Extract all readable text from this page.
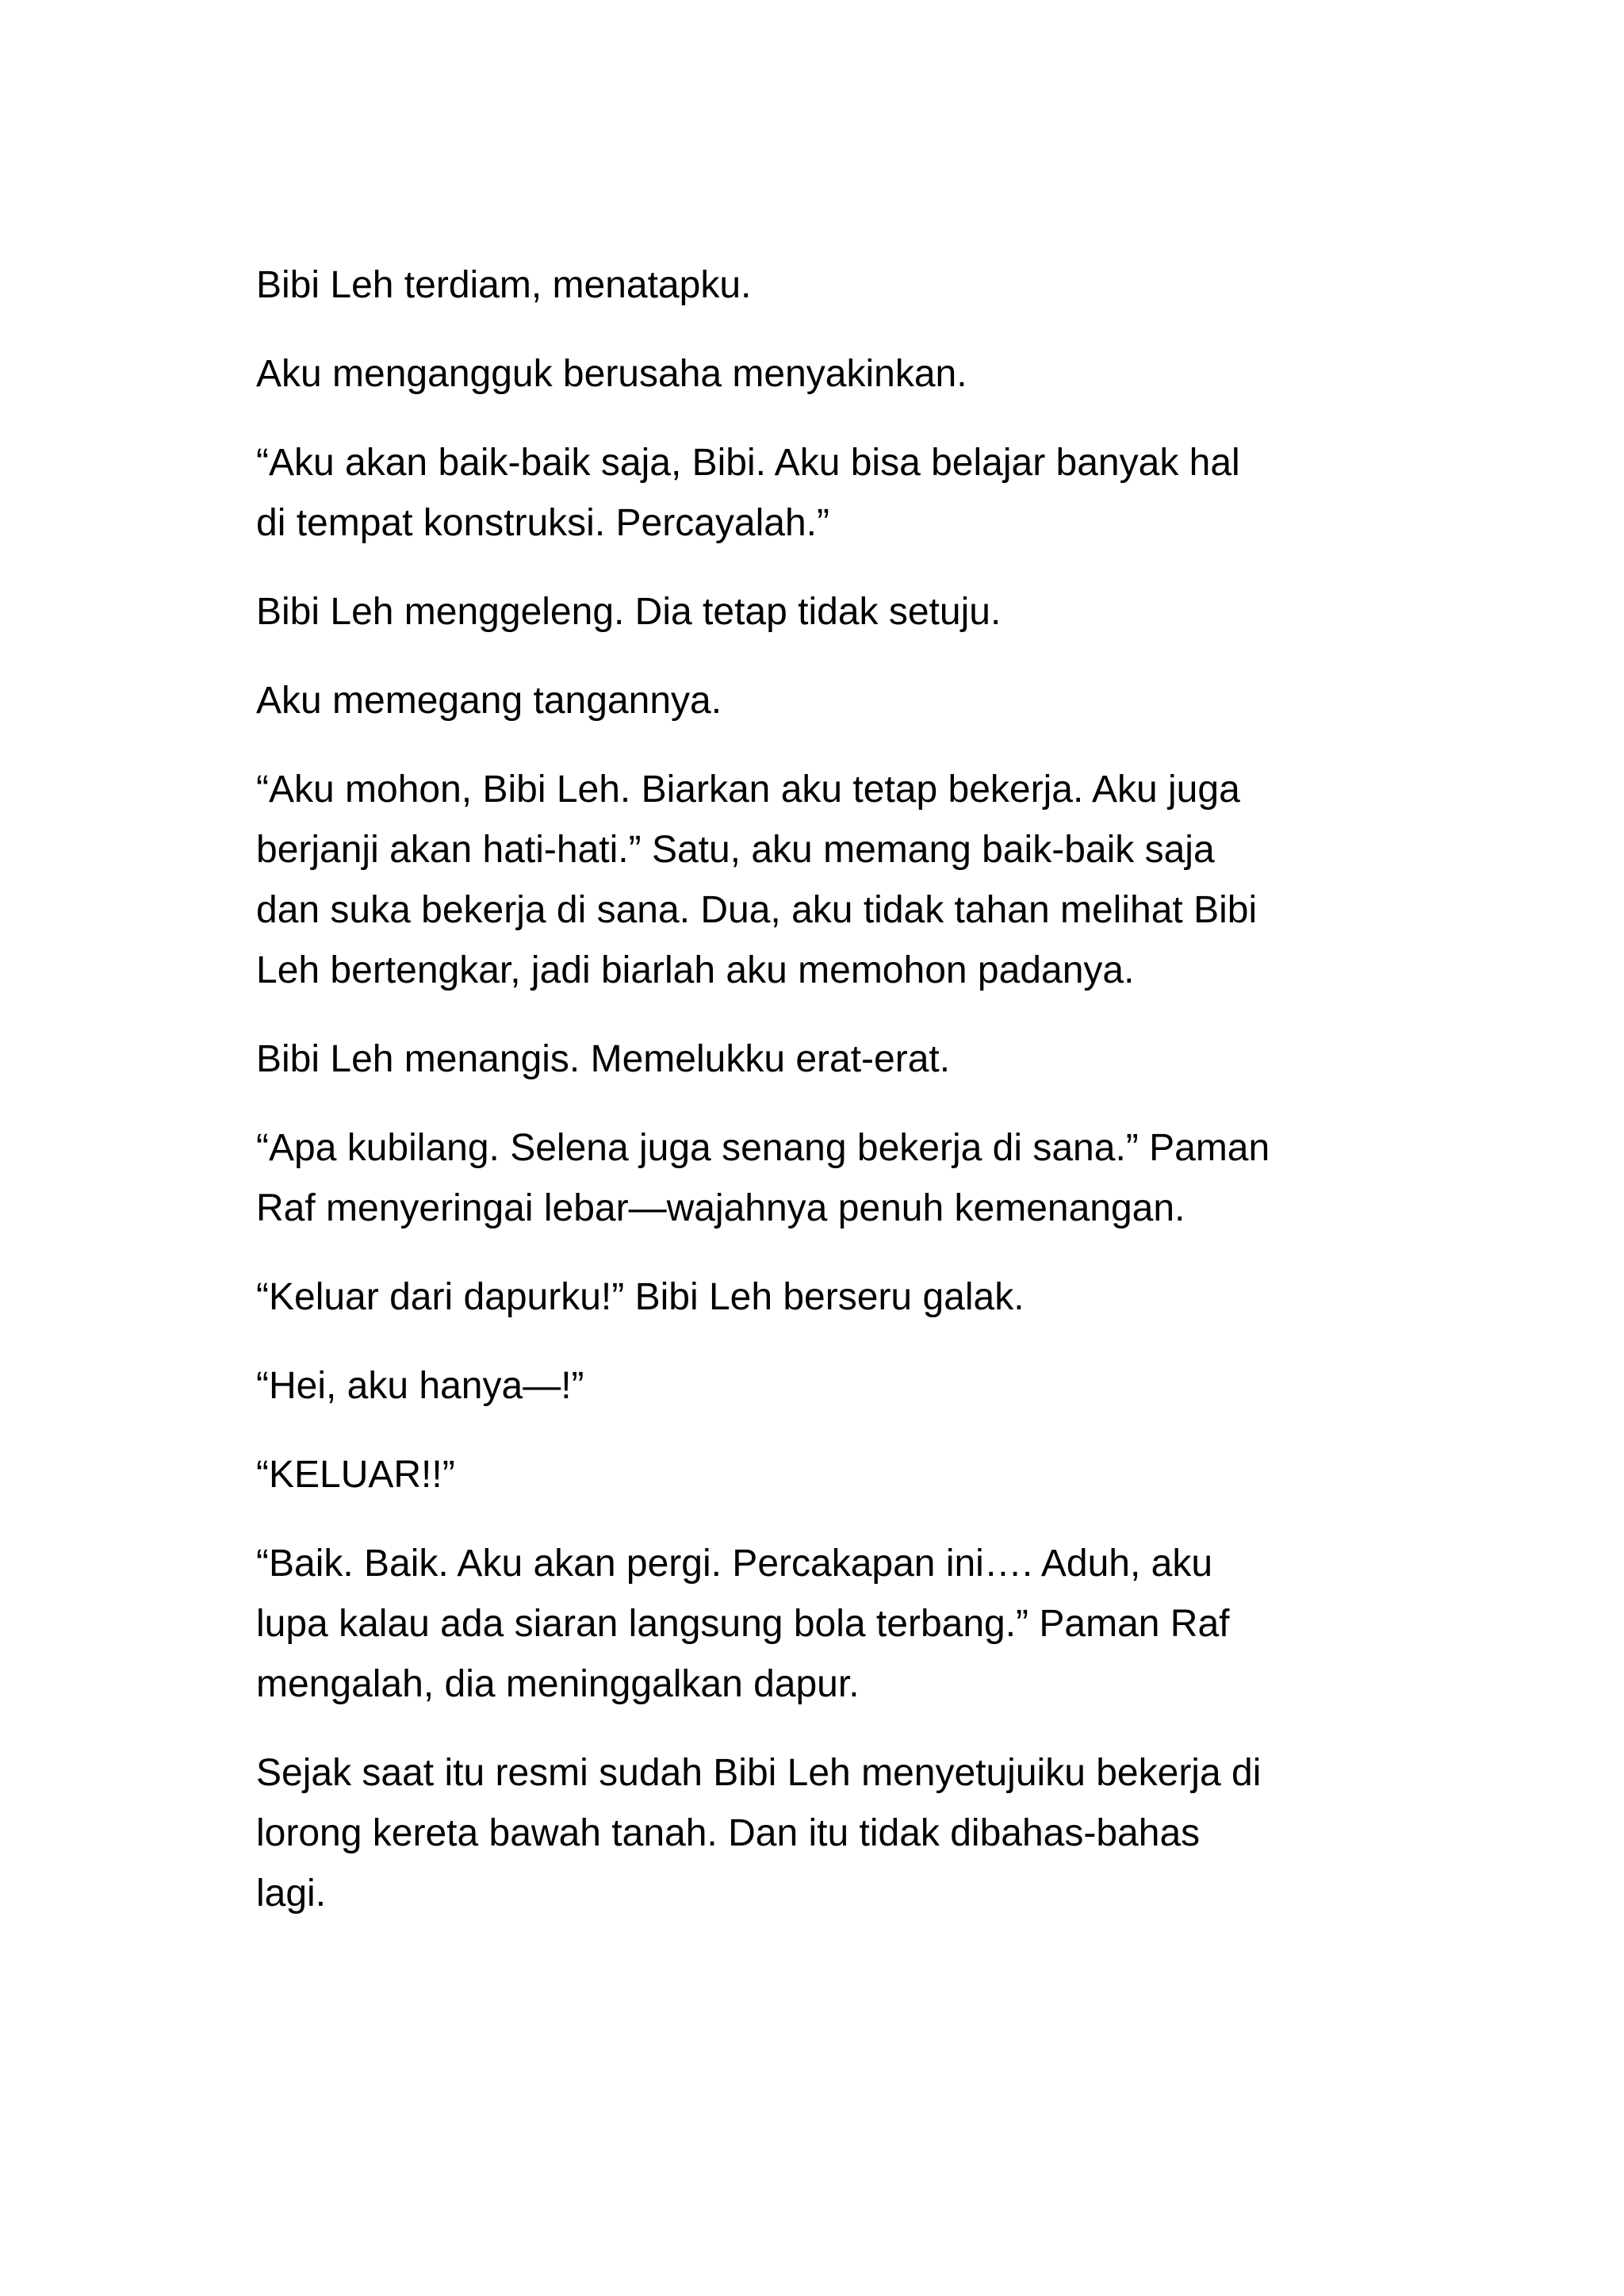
Bibi Leh terdiam, menatapku.

Aku mengangguk berusaha menyakinkan.

“Aku akan baik-baik saja, Bibi. Aku bisa belajar banyak hal
di tempat konstruksi. Percayalah.”

Bibi Leh menggeleng. Dia tetap tidak setuju.

Aku memegang tangannya.

“Aku mohon, Bibi Leh. Biarkan aku tetap bekerja. Aku juga
berjanji akan hati-hati.” Satu, aku memang baik-baik saja
dan suka bekerja di sana. Dua, aku tidak tahan melihat Bibi
Leh bertengkar, jadi biarlah aku memohon padanya.

Bibi Leh menangis. Memelukku erat-erat.

“Apa kubilang. Selena juga senang bekerja di sana.” Paman
Raf menyeringai lebar—wajahnya penuh kemenangan.

“Keluar dari dapurku!” Bibi Leh berseru galak.

“Hei, aku hanya—!”

“KELUAR!!”

“Baik. Baik. Aku akan pergi. Percakapan ini…. Aduh, aku
lupa kalau ada siaran langsung bola terbang.” Paman Raf
mengalah, dia meninggalkan dapur.

Sejak saat itu resmi sudah Bibi Leh menyetujuiku bekerja di
lorong kereta bawah tanah. Dan itu tidak dibahas-bahas
lagi.
